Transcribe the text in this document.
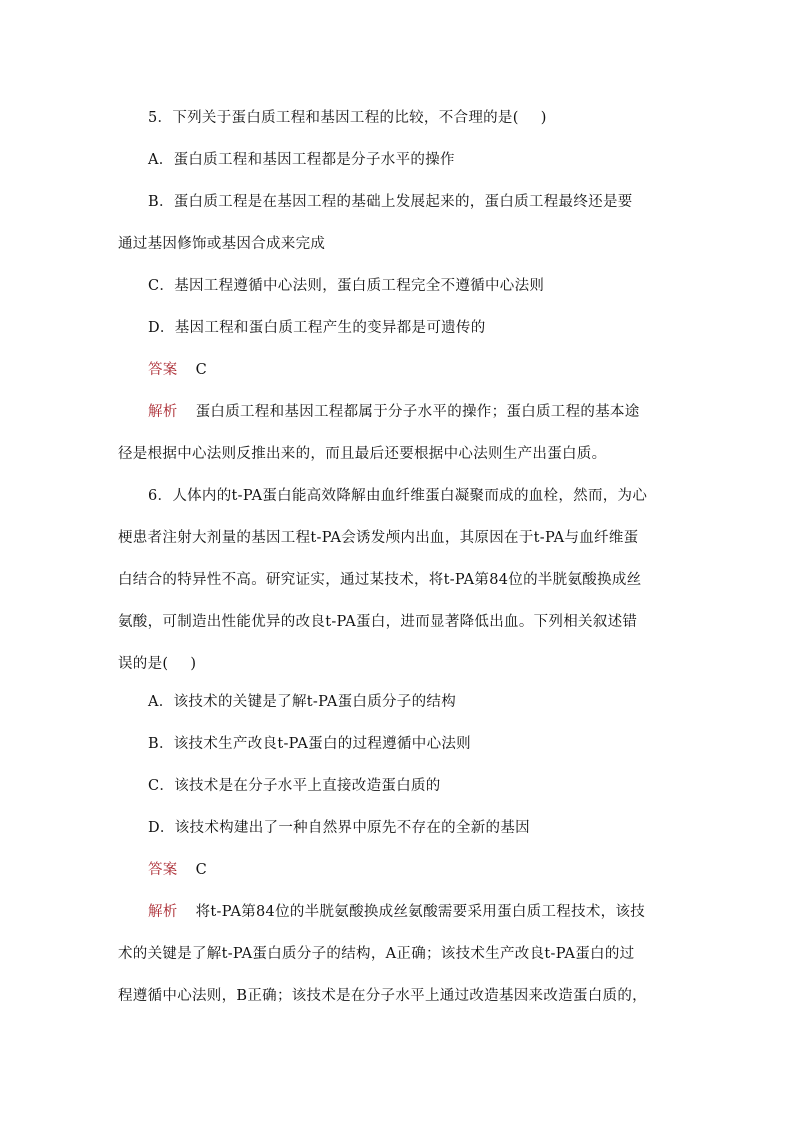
5．下列关于蛋白质工程和基因工程的比较，不合理的是( )
A．蛋白质工程和基因工程都是分子水平的操作
B．蛋白质工程是在基因工程的基础上发展起来的，蛋白质工程最终还是要
通过基因修饰或基因合成来完成
C．基因工程遵循中心法则，蛋白质工程完全不遵循中心法则
D．基因工程和蛋白质工程产生的变异都是可遗传的
答案 C
解析 蛋白质工程和基因工程都属于分子水平的操作；蛋白质工程的基本途
径是根据中心法则反推出来的，而且最后还要根据中心法则生产出蛋白质。
6．人体内的t-PA蛋白能高效降解由血纤维蛋白凝聚而成的血栓，然而，为心
梗患者注射大剂量的基因工程t-PA会诱发颅内出血，其原因在于t-PA与血纤维蛋
白结合的特异性不高。研究证实，通过某技术，将t-PA第84位的半胱氨酸换成丝
氨酸，可制造出性能优异的改良t-PA蛋白，进而显著降低出血。下列相关叙述错
误的是( )
A．该技术的关键是了解t-PA蛋白质分子的结构
B．该技术生产改良t-PA蛋白的过程遵循中心法则
C．该技术是在分子水平上直接改造蛋白质的
D．该技术构建出了一种自然界中原先不存在的全新的基因
答案 C
解析 将t-PA第84位的半胱氨酸换成丝氨酸需要采用蛋白质工程技术，该技
术的关键是了解t-PA蛋白质分子的结构，A正确；该技术生产改良t-PA蛋白的过
程遵循中心法则，B正确；该技术是在分子水平上通过改造基因来改造蛋白质的，
